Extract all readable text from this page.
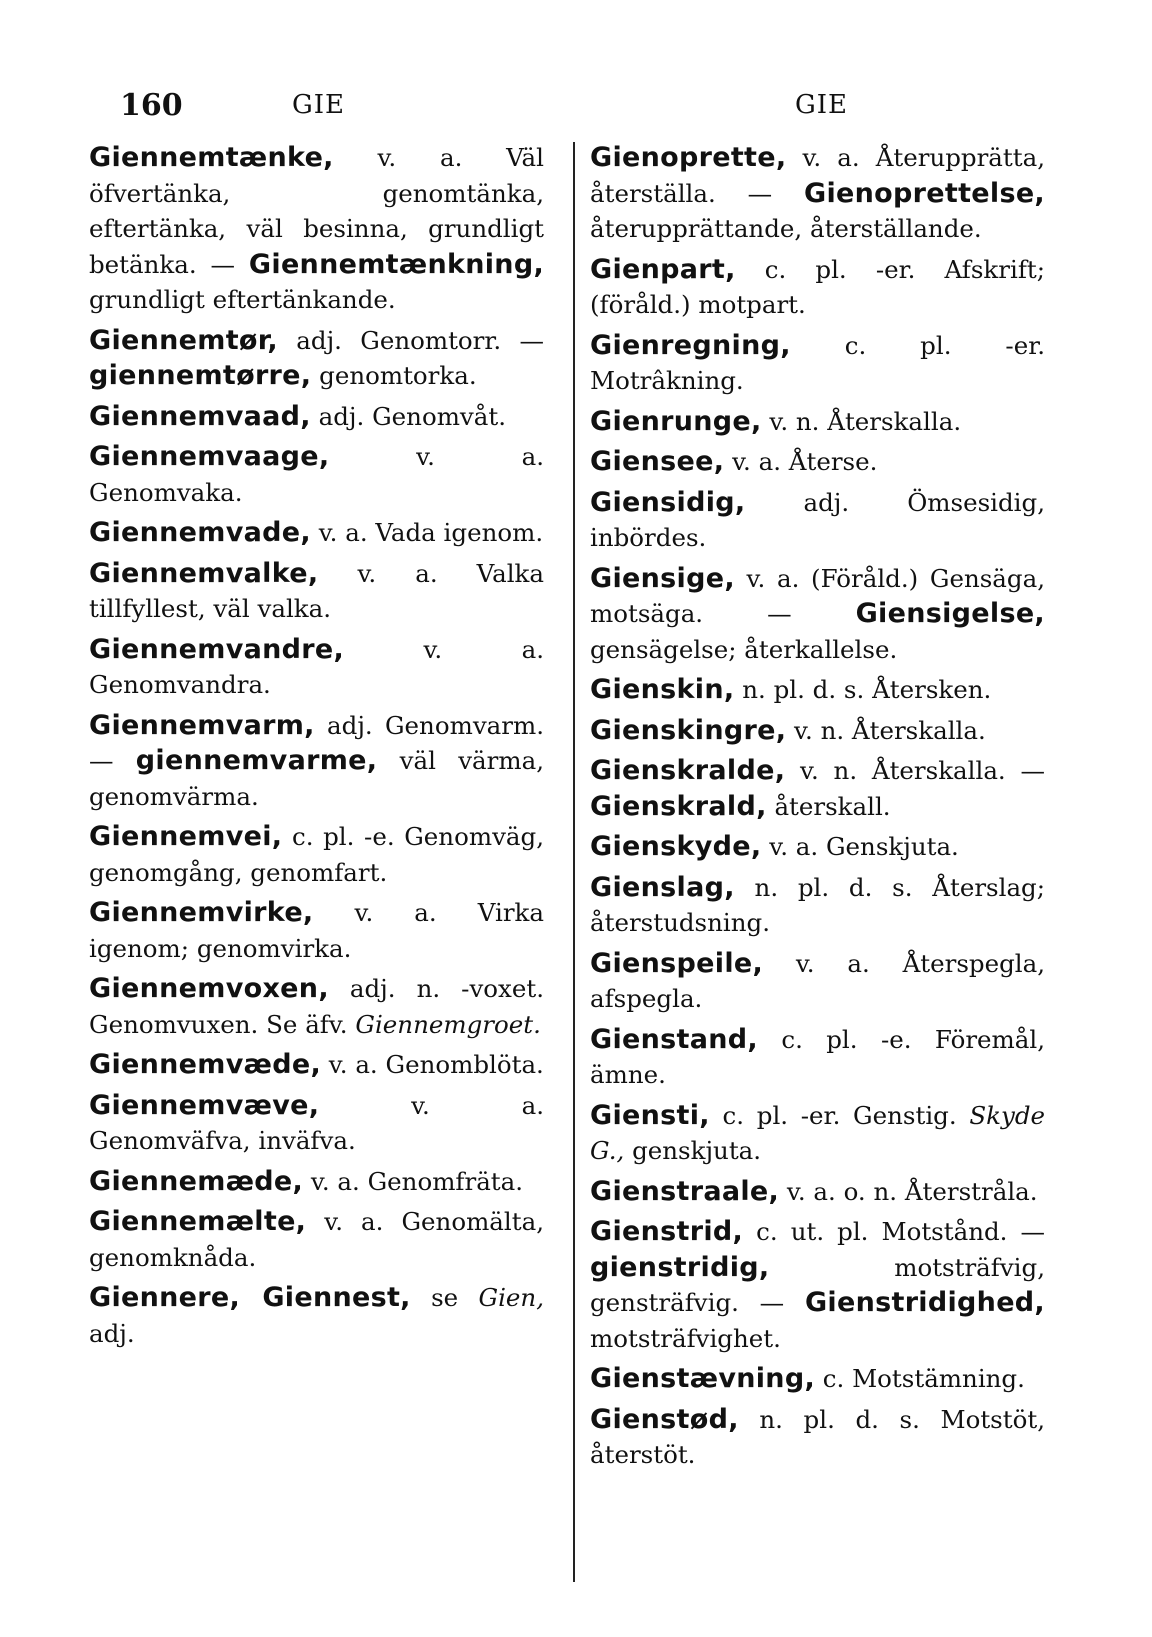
160	GIE	GIE
Giennemtænke, v. a. Väl öfvertänka, genomtänka, eftertänka, väl besinna, grundligt betänka. — Giennemtænkning, grundligt eftertänkande.
Giennemtør, adj. Genomtorr. — giennemtørre, genomtorka.
Giennemvaad, adj. Genomvåt.
Giennemvaage, v. a. Genomvaka.
Giennemvade, v. a. Vada igenom.
Giennemvalke, v. a. Valka tillfyllest, väl valka.
Giennemvandre, v. a. Genomvandra.
Giennemvarm, adj. Genomvarm. — giennemvarme, väl värma, genomvärma.
Giennemvei, c. pl. -e. Genomväg, genomgång, genomfart.
Giennemvirke, v. a. Virka igenom; genomvirka.
Giennemvoxen, adj. n. -voxet. Genomvuxen. Se äfv. Giennemgroet.
Giennemvæde, v. a. Genomblöta.
Giennemvæve, v. a. Genomväfva, inväfva.
Giennemæde, v. a. Genomfräta.
Giennemælte, v. a. Genomälta, genomknåda.
Giennere, Giennest, se Gien, adj.
Gienoprette, v. a. Återupprätta, återställa. — Gienoprettelse, återupprättande, återställande.
Gienpart, c. pl. -er. Afskrift; (föråld.) motpart.
Gienregning, c. pl. -er. Motrâkning.
Gienrunge, v. n. Återskalla.
Giensee, v. a. Återse.
Giensidig, adj. Ömsesidig, inbördes.
Giensige, v. a. (Föråld.) Gensäga, motsäga. — Giensigelse, gensägelse; återkallelse.
Gienskin, n. pl. d. s. Återsken.
Gienskingre, v. n. Återskalla.
Gienskralde, v. n. Återskalla. — Gienskrald, återskall.
Gienskyde, v. a. Genskjuta.
Gienslag, n. pl. d. s. Återslag; återstudsning.
Gienspeile, v. a. Återspegla, afspegla.
Gienstand, c. pl. -e. Föremål, ämne.
Giensti, c. pl. -er. Genstig. Skyde G., genskjuta.
Gienstraale, v. a. o. n. Återstråla.
Gienstrid, c. ut. pl. Motstånd. — gienstridig, motsträfvig, gensträfvig. — Gienstridighed, motsträfvighet.
Gienstævning, c. Motstämning.
Gienstød, n. pl. d. s. Motstöt, återstöt.
